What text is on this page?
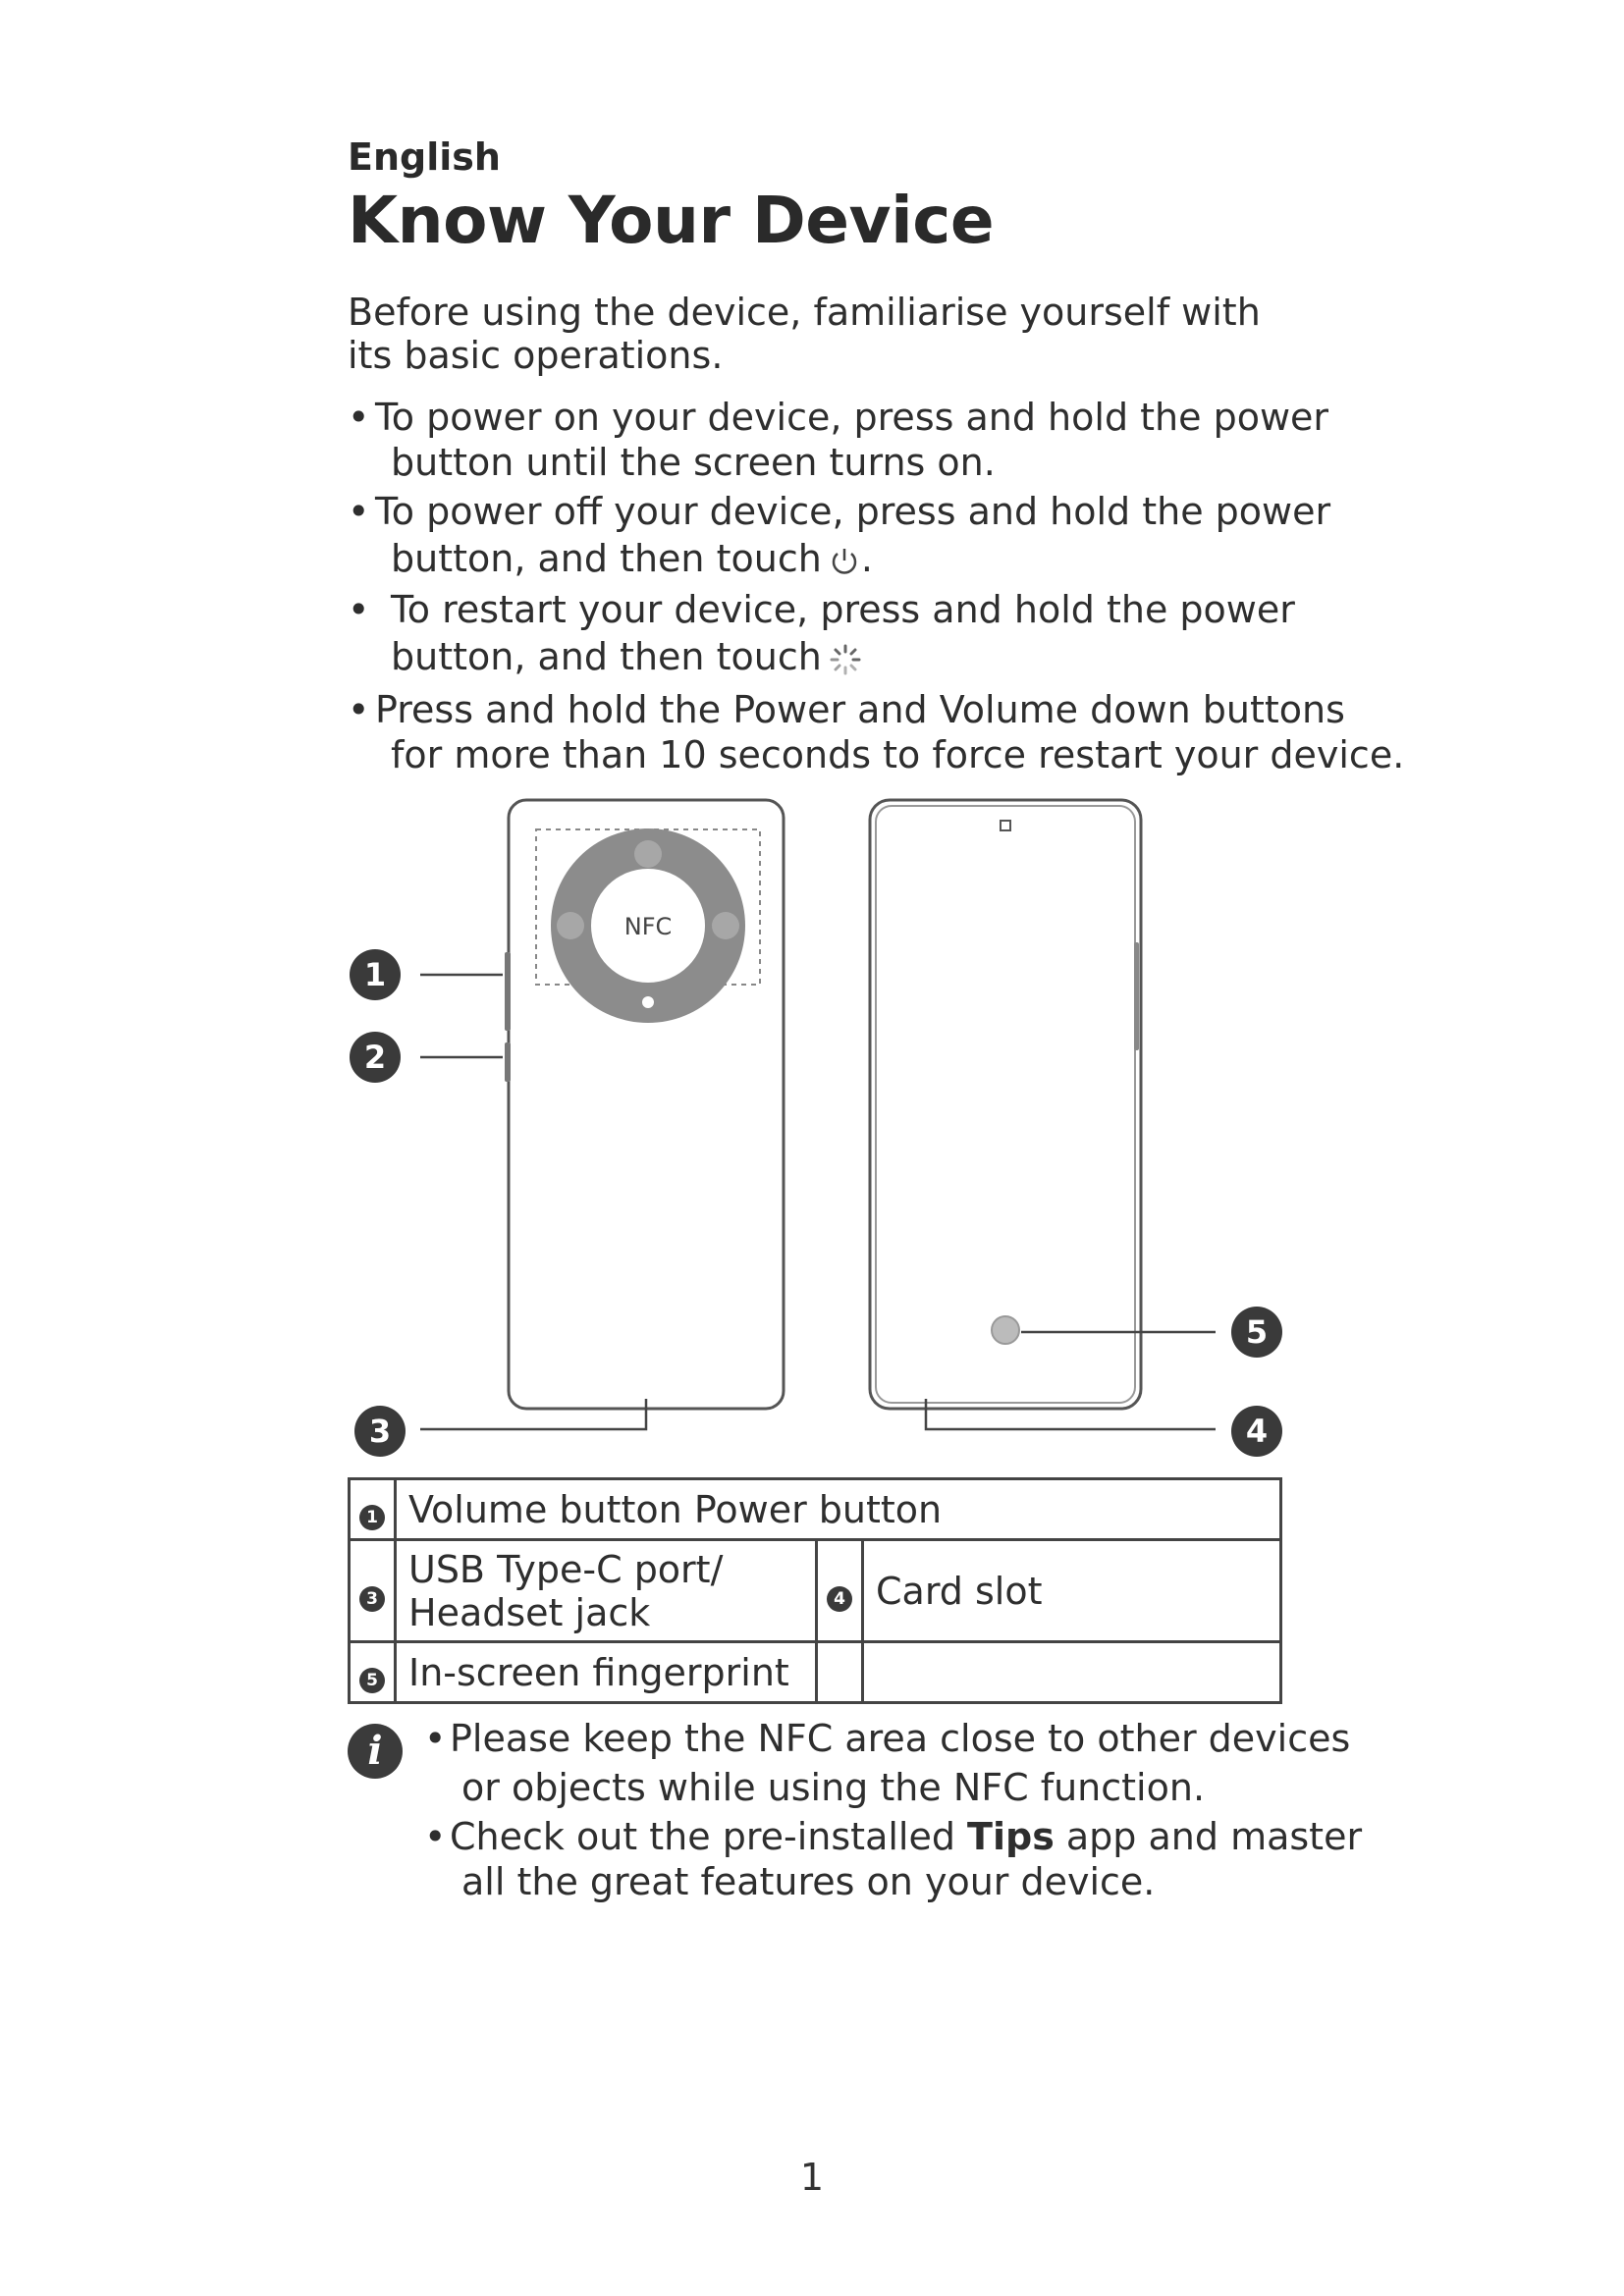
English
Know Your Device
Before using the device, familiarise yourself with its basic operations.
• To power on your device, press and hold the power
button until the screen turns on.
• To power off your device, press and hold the power
button, and then touch .
• To restart your device, press and hold the power
button, and then touch
• Press and hold the Power and Volume down buttons
for more than 10 seconds to force restart your device.
NFC
1
2
3	4
5
1	Volume button Power button		
3	USB Type-C port/
Headset jack	4	Card slot
5	In-screen fingerprint		
i	• Please keep the NFC area close to other devices
or objects while using the NFC function.
• Check out the pre-installed Tips app and master
all the great features on your device.
1
